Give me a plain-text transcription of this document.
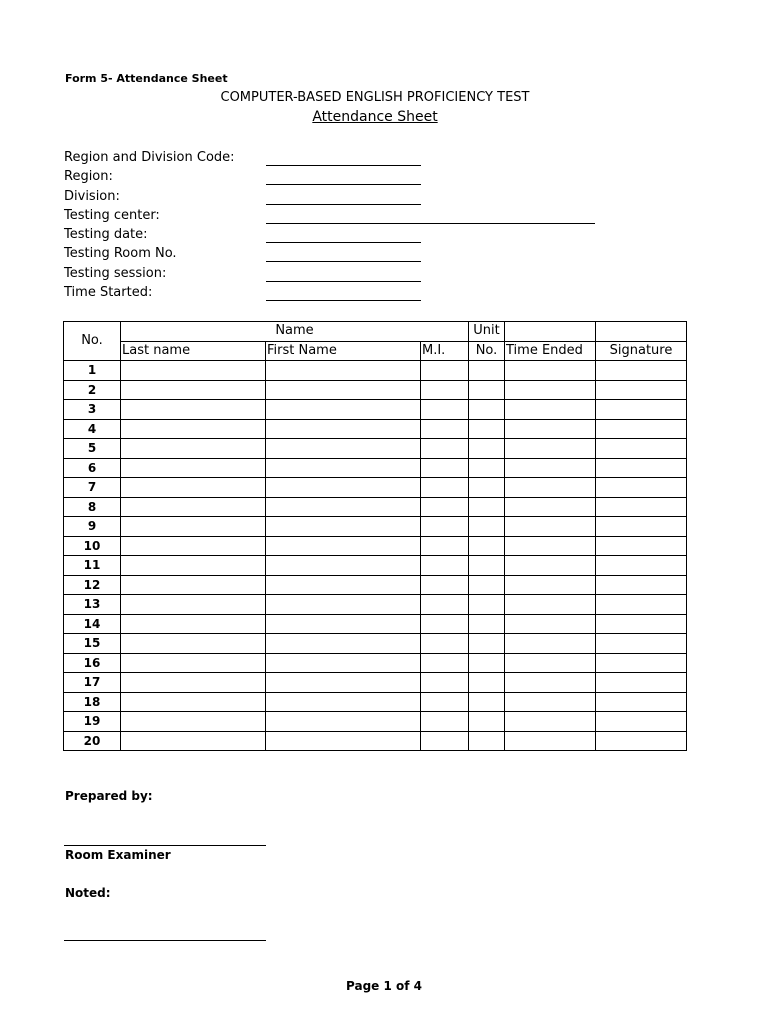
Form 5- Attendance Sheet
COMPUTER-BASED ENGLISH PROFICIENCY TEST
Attendance Sheet
Region and Division Code:
Region:
Division:
Testing center:
Testing date:
Testing Room No.
Testing session:
Time Started:
No.	Name			Unit		
	Last name	First Name	M.I.	No.	Time Ended	Signature
1						
2						
3						
4						
5						
6						
7						
8						
9						
10						
11						
12						
13						
14						
15						
16						
17						
18						
19						
20						
Prepared by:
Room Examiner
Noted:
Page 1 of 4
